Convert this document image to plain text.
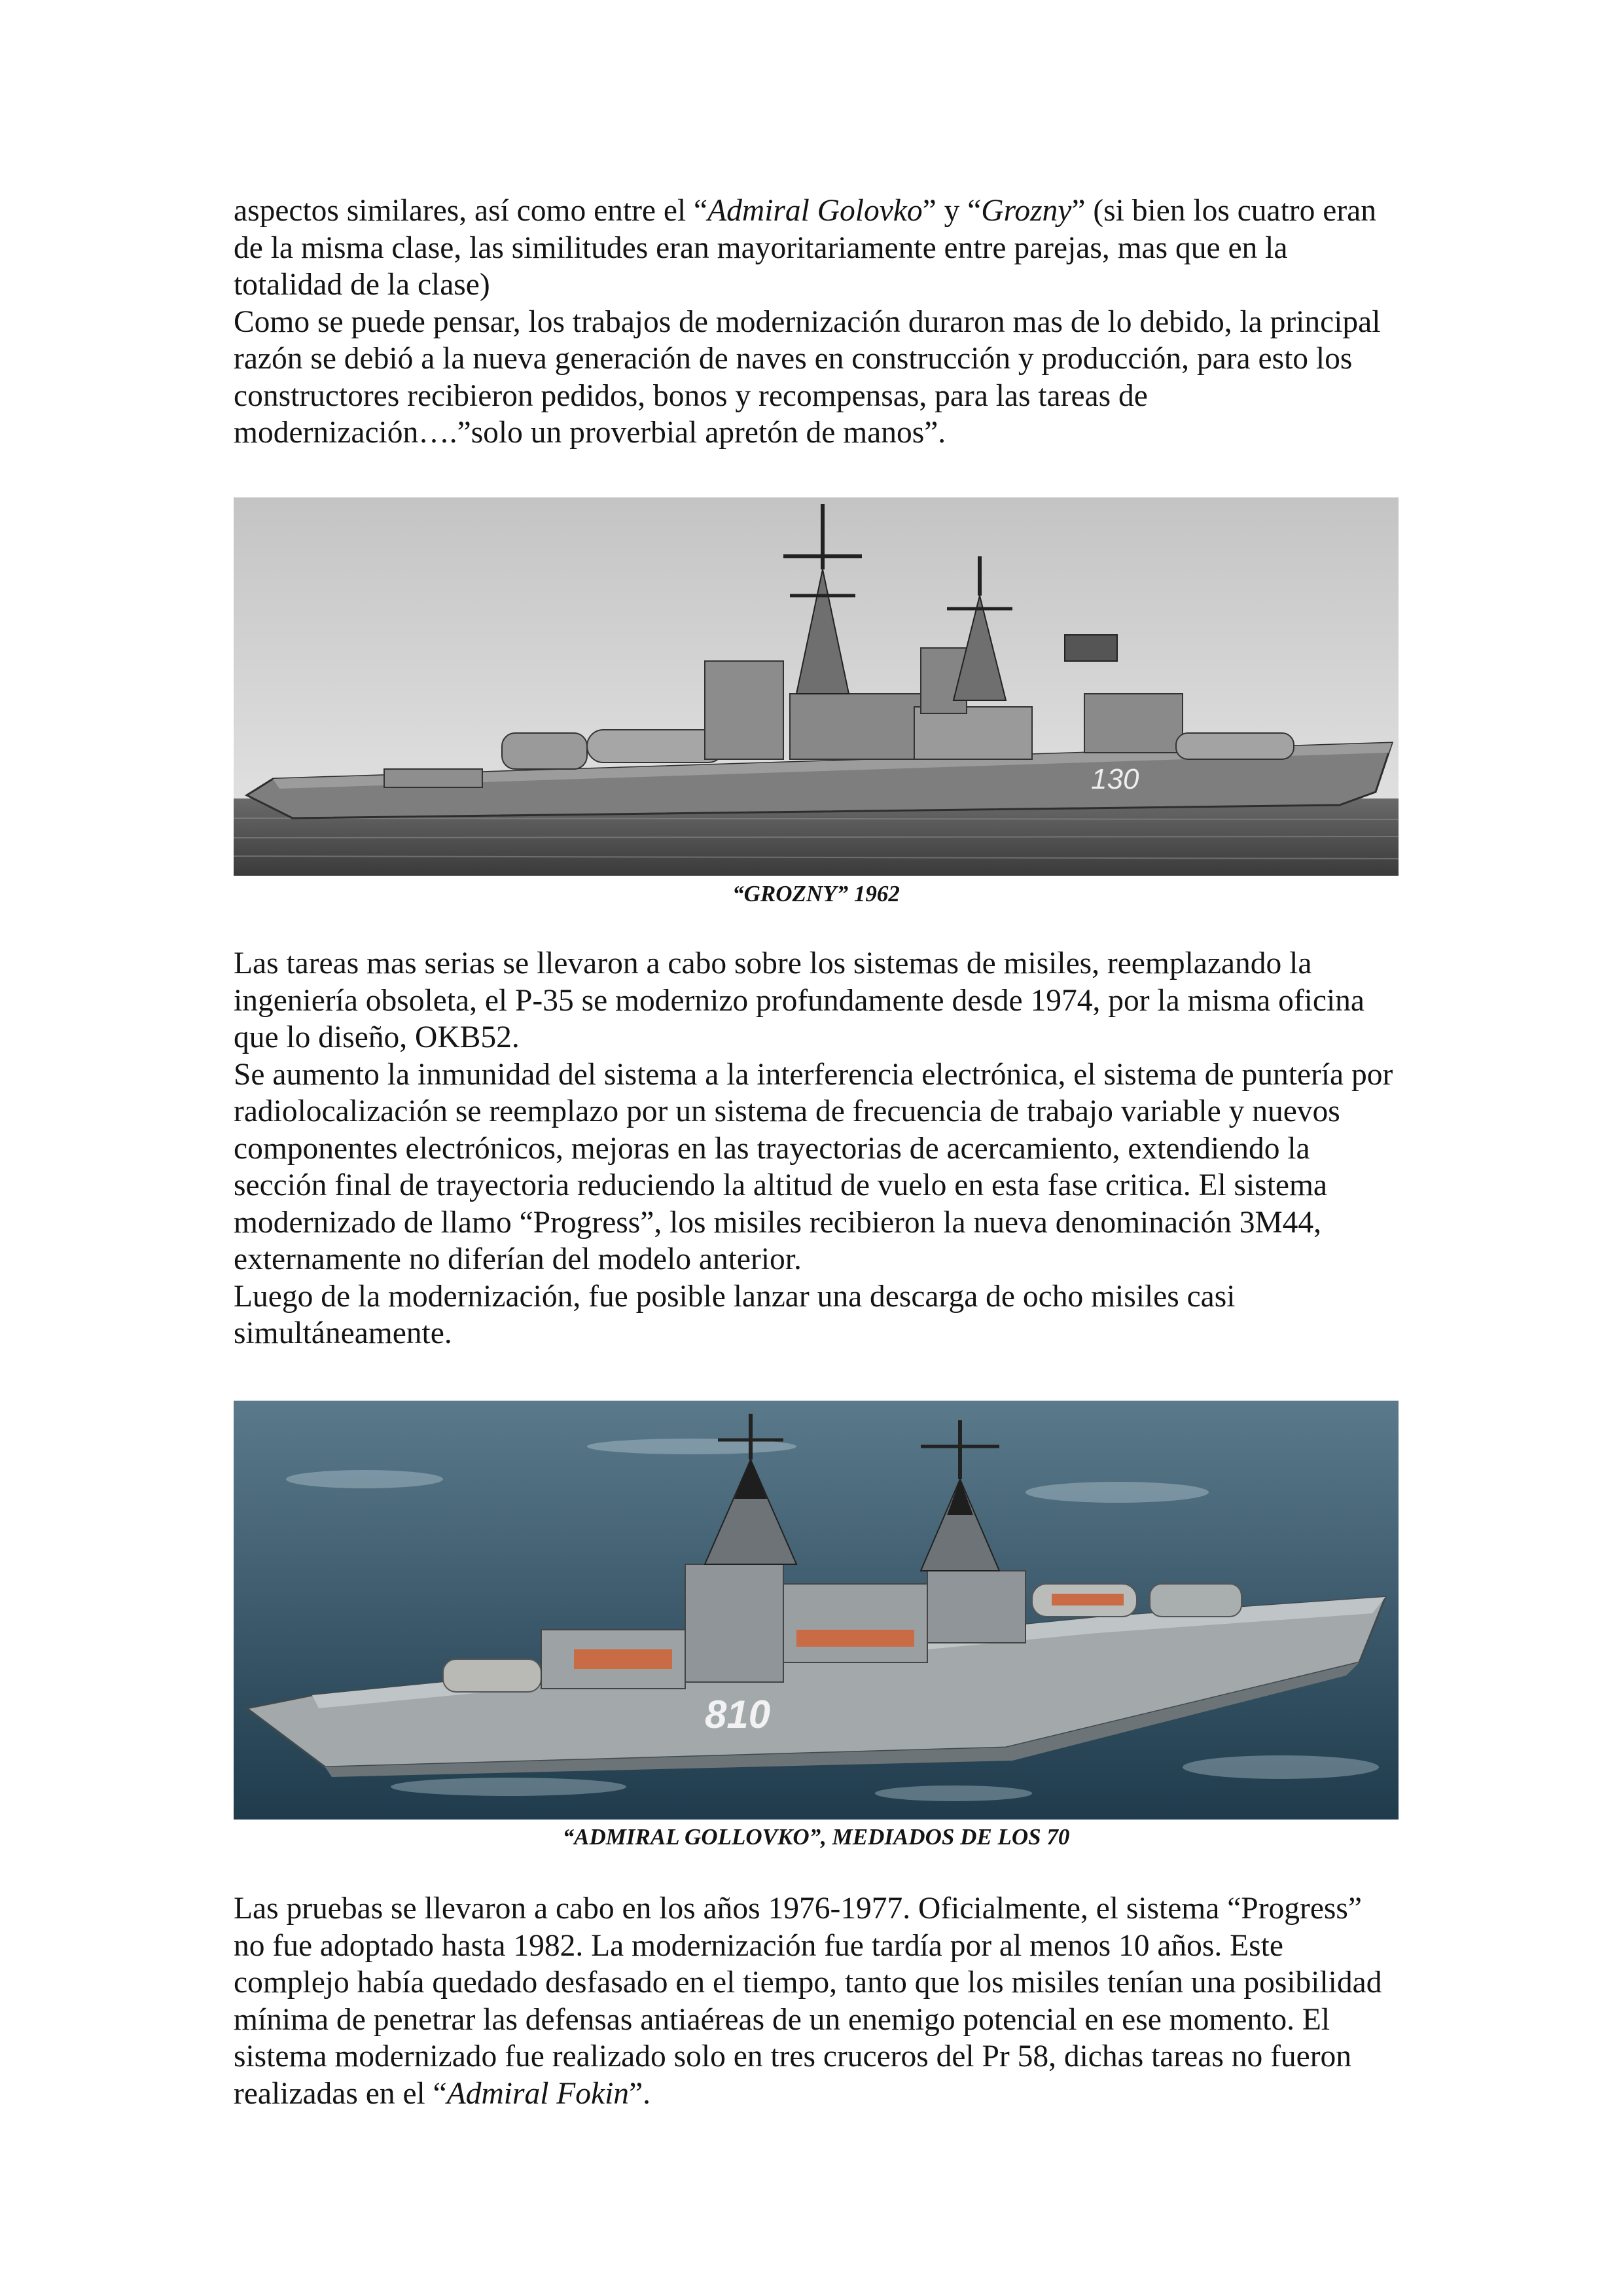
aspectos similares, así como entre el “Admiral Golovko” y “Grozny” (si bien los cuatro eran de la misma clase, las similitudes eran mayoritariamente entre parejas, mas que en la totalidad de la clase)

Como se puede pensar, los trabajos de modernización duraron mas de lo debido, la principal razón se debió a la nueva generación de naves en construcción y producción, para esto los constructores recibieron pedidos, bonos y recompensas, para las tareas de modernización….”solo un proverbial apretón de manos”.

130
“GROZNY” 1962

Las tareas mas serias se llevaron a cabo sobre los sistemas de misiles, reemplazando la ingeniería obsoleta, el P-35 se modernizo profundamente desde 1974, por la misma oficina que lo diseño, OKB52.

Se aumento la inmunidad del sistema a la interferencia electrónica, el sistema de puntería por radiolocalización se reemplazo por un sistema de frecuencia de trabajo variable y nuevos componentes electrónicos, mejoras en las trayectorias de acercamiento, extendiendo la sección final de trayectoria reduciendo la altitud de vuelo en esta fase critica. El sistema modernizado de llamo “Progress”, los misiles recibieron la nueva denominación 3M44, externamente no diferían del modelo anterior.

Luego de la modernización, fue posible lanzar una descarga de ocho misiles casi simultáneamente.

810
“ADMIRAL GOLLOVKO”, MEDIADOS DE LOS 70

Las pruebas se llevaron a cabo en los años 1976-1977. Oficialmente, el sistema “Progress” no fue adoptado hasta 1982. La modernización fue tardía por al menos 10 años. Este complejo había quedado desfasado en el tiempo, tanto que los misiles tenían una posibilidad mínima de penetrar las defensas antiaéreas de un enemigo potencial en ese momento. El sistema modernizado fue realizado solo en tres cruceros del Pr 58, dichas tareas no fueron realizadas en el “Admiral Fokin”.
